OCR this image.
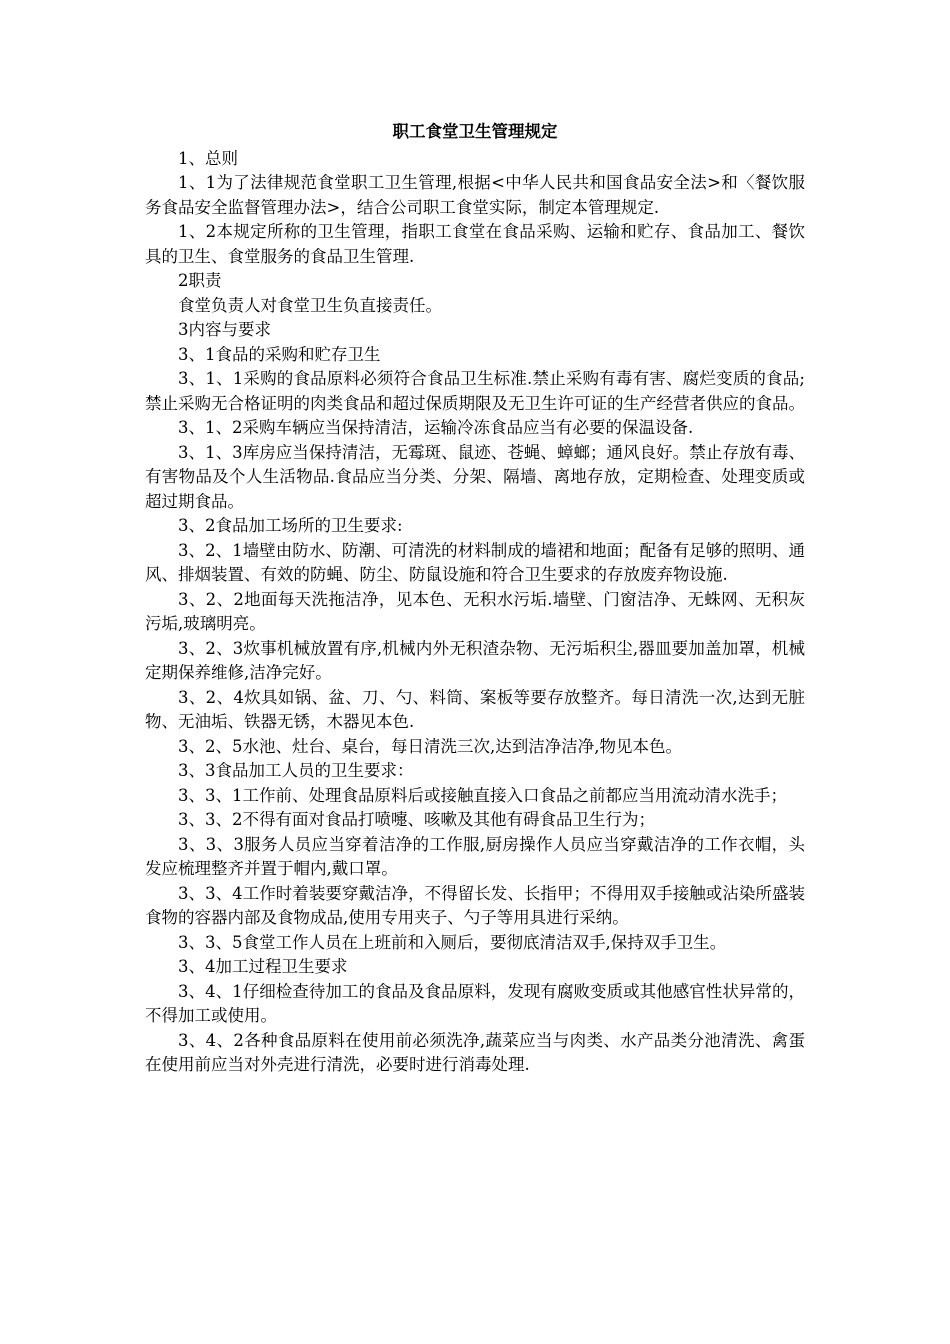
职工食堂卫生管理规定

1、总则

1、1为了法律规范食堂职工卫生管理,根据<中华人民共和国食品安全法>和〈餐饮服务食品安全监督管理办法>，结合公司职工食堂实际，制定本管理规定.

1、2本规定所称的卫生管理，指职工食堂在食品采购、运输和贮存、食品加工、餐饮具的卫生、食堂服务的食品卫生管理.

2职责

食堂负责人对食堂卫生负直接责任。

3内容与要求

3、1食品的采购和贮存卫生

3、1、1采购的食品原料必须符合食品卫生标准.禁止采购有毒有害、腐烂变质的食品;禁止采购无合格证明的肉类食品和超过保质期限及无卫生许可证的生产经营者供应的食品。

3、1、2采购车辆应当保持清洁，运输冷冻食品应当有必要的保温设备.

3、1、3库房应当保持清洁，无霉斑、鼠迹、苍蝇、蟑螂；通风良好。禁止存放有毒、有害物品及个人生活物品.食品应当分类、分架、隔墙、离地存放，定期检查、处理变质或超过期食品。

3、2食品加工场所的卫生要求:

3、2、1墙壁由防水、防潮、可清洗的材料制成的墙裙和地面；配备有足够的照明、通风、排烟装置、有效的防蝇、防尘、防鼠设施和符合卫生要求的存放废弃物设施.

3、2、2地面每天洗拖洁净，见本色、无积水污垢.墙壁、门窗洁净、无蛛网、无积灰污垢,玻璃明亮。

3、2、3炊事机械放置有序,机械内外无积渣杂物、无污垢积尘,器皿要加盖加罩，机械定期保养维修,洁净完好。

3、2、4炊具如锅、盆、刀、勺、料筒、案板等要存放整齐。每日清洗一次,达到无脏物、无油垢、铁器无锈，木器见本色.

3、2、5水池、灶台、桌台，每日清洗三次,达到洁净洁净,物见本色。

3、3食品加工人员的卫生要求：

3、3、1工作前、处理食品原料后或接触直接入口食品之前都应当用流动清水洗手；

3、3、2不得有面对食品打喷嚏、咳嗽及其他有碍食品卫生行为；

3、3、3服务人员应当穿着洁净的工作服,厨房操作人员应当穿戴洁净的工作衣帽，头发应梳理整齐并置于帽内,戴口罩。

3、3、4工作时着装要穿戴洁净，不得留长发、长指甲；不得用双手接触或沾染所盛装食物的容器内部及食物成品,使用专用夹子、勺子等用具进行采纳。

3、3、5食堂工作人员在上班前和入厕后，要彻底清洁双手,保持双手卫生。

3、4加工过程卫生要求

3、4、1仔细检查待加工的食品及食品原料，发现有腐败变质或其他感官性状异常的，不得加工或使用。

3、4、2各种食品原料在使用前必须洗净,蔬菜应当与肉类、水产品类分池清洗、禽蛋在使用前应当对外壳进行清洗，必要时进行消毒处理.
